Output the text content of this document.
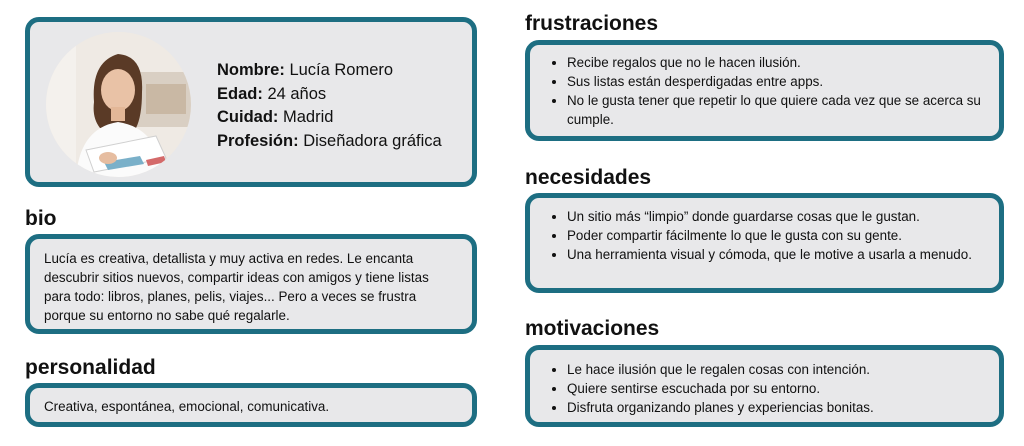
Nombre: Lucía Romero
Edad: 24 años
Cuidad: Madrid
Profesión: Diseñadora gráfica
bio
Lucía es creativa, detallista y muy activa en redes. Le encanta descubrir sitios nuevos, compartir ideas con amigos y tiene listas para todo: libros, planes, pelis, viajes... Pero a veces se frustra porque su entorno no sabe qué regalarle.
personalidad
Creativa, espontánea, emocional, comunicativa.
frustraciones
• Recibe regalos que no le hacen ilusión.
• Sus listas están desperdigadas entre apps.
• No le gusta tener que repetir lo que quiere cada vez que se acerca su cumple.
necesidades
• Un sitio más “limpio” donde guardarse cosas que le gustan.
• Poder compartir fácilmente lo que le gusta con su gente.
• Una herramienta visual y cómoda, que le motive a usarla a menudo.
motivaciones
• Le hace ilusión que le regalen cosas con intención.
• Quiere sentirse escuchada por su entorno.
• Disfruta organizando planes y experiencias bonitas.
